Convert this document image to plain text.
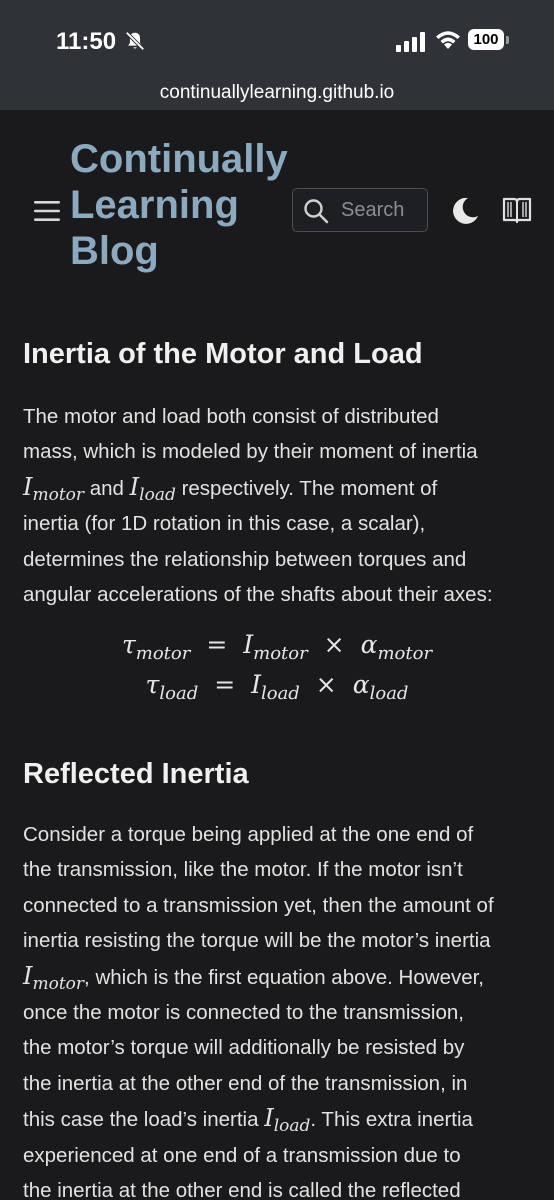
11:50	100
continuallylearning.github.io
Continually
Learning
Blog
Search
Inertia of the Motor and Load

The motor and load both consist of distributed
mass, which is modeled by their moment of inertia
$I_{motor}$ and $I_{load}$ respectively. The moment of
inertia (for 1D rotation in this case, a scalar),
determines the relationship between torques and
angular accelerations of the shafts about their axes:

$\tau_{motor} = I_{motor} \times \alpha_{motor}$
$\tau_{load} = I_{load} \times \alpha_{load}$
Reflected Inertia

Consider a torque being applied at the one end of
the transmission, like the motor. If the motor isn’t
connected to a transmission yet, then the amount of
inertia resisting the torque will be the motor’s inertia
$I_{motor}$, which is the first equation above. However,
once the motor is connected to the transmission,
the motor’s torque will additionally be resisted by
the inertia at the other end of the transmission, in
this case the load’s inertia $I_{load}$. This extra inertia
experienced at one end of a transmission due to
the inertia at the other end is called the reflected
